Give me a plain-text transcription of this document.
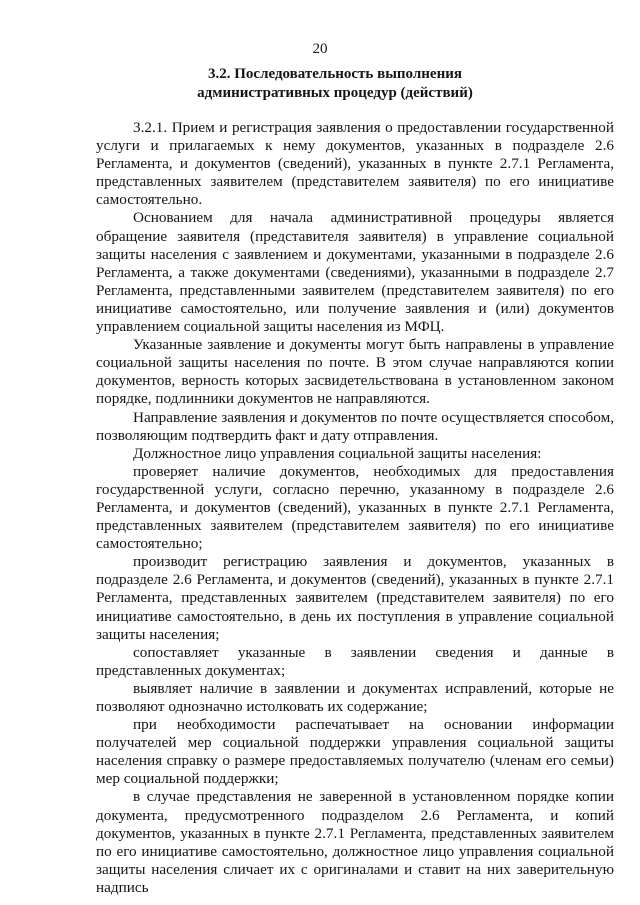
20
3.2. Последовательность выполнения
административных процедур (действий)

3.2.1. Прием и регистрация заявления о предоставлении государственной услуги и прилагаемых к нему документов, указанных в подразделе 2.6 Регламента, и документов (сведений), указанных в пункте 2.7.1 Регламента, представленных заявителем (представителем заявителя) по его инициативе самостоятельно.

Основанием для начала административной процедуры является обращение заявителя (представителя заявителя) в управление социальной защиты населения с заявлением и документами, указанными в подразделе 2.6 Регламента, а также документами (сведениями), указанными в подразделе 2.7 Регламента, представленными заявителем (представителем заявителя) по его инициативе самостоятельно, или получение заявления и (или) документов управлением социальной защиты населения из МФЦ.

Указанные заявление и документы могут быть направлены в управление социальной защиты населения по почте. В этом случае направляются копии документов, верность которых засвидетельствована в установленном законом порядке, подлинники документов не направляются.

Направление заявления и документов по почте осуществляется способом, позволяющим подтвердить факт и дату отправления.

Должностное лицо управления социальной защиты населения:

проверяет наличие документов, необходимых для предоставления государственной услуги, согласно перечню, указанному в подразделе 2.6 Регламента, и документов (сведений), указанных в пункте 2.7.1 Регламента, представленных заявителем (представителем заявителя) по его инициативе самостоятельно;

производит регистрацию заявления и документов, указанных в подразделе 2.6 Регламента, и документов (сведений), указанных в пункте 2.7.1 Регламента, представленных заявителем (представителем заявителя) по его инициативе самостоятельно, в день их поступления в управление социальной защиты населения;

сопоставляет указанные в заявлении сведения и данные в представленных документах;

выявляет наличие в заявлении и документах исправлений, которые не позволяют однозначно истолковать их содержание;

при необходимости распечатывает на основании информации получателей мер социальной поддержки управления социальной защиты населения справку о размере предоставляемых получателю (членам его семьи) мер социальной поддержки;

в случае представления не заверенной в установленном порядке копии документа, предусмотренного подразделом 2.6 Регламента, и копий документов, указанных в пункте 2.7.1 Регламента, представленных заявителем по его инициативе самостоятельно, должностное лицо управления социальной защиты населения сличает их с оригиналами и ставит на них заверительную надпись
